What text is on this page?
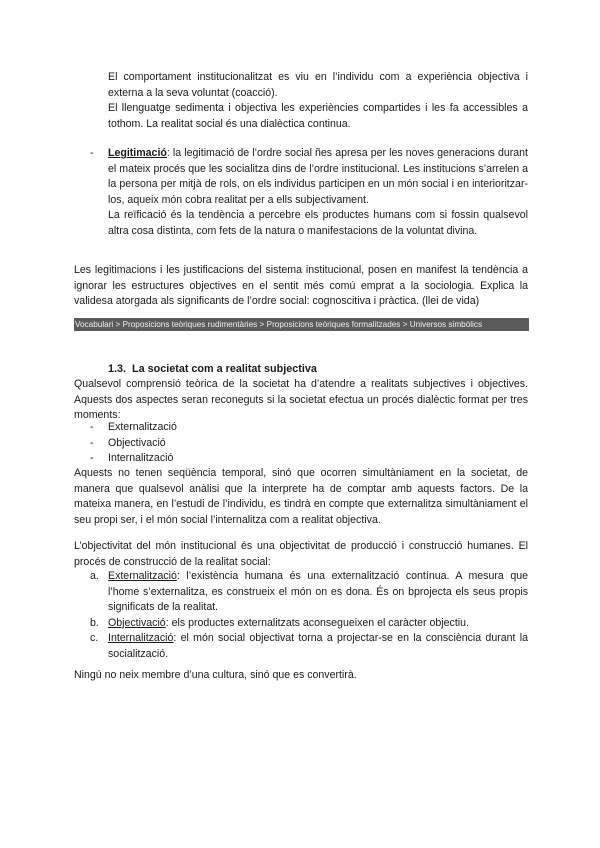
El comportament institucionalitzat es viu en l’individu com a experiència objectiva i externa a la seva voluntat (coacció).

El llenguatge sedimenta i objectiva les experiències compartides i les fa accessibles a tothom. La realitat social és una dialèctica continua.

- Legitimació: la legitimació de l’ordre social ñes apresa per les noves generacions durant el mateix procés que les socialitza dins de l’ordre institucional. Les institucions s’arrelen a la persona per mitjà de rols, on els individus participen en un món social i en interioritzar-los, aqueix món cobra realitat per a ells subjectivament.

La reïficació és la tendència a percebre els productes humans com si fossin qualsevol altra cosa distinta, com fets de la natura o manifestacions de la voluntat divina.

Les legitimacions i les justificacions del sistema institucional, posen en manifest la tendència a ignorar les estructures objectives en el sentit més comú emprat a la sociologia. Explica la validesa atorgada als significants de l’ordre social: cognoscitiva i pràctica. (llei de vida)
Vocabulari > Proposicions teòriques rudimentàries > Proposicions teòriques formalitzades > Universos simbòlics
1.3. La societat com a realitat subjectiva
Qualsevol comprensió teòrica de la societat ha d’atendre a realitats subjectives i objectives. Aquests dos aspectes seran reconeguts si la societat efectua un procés dialèctic format per tres moments:
-	Externalització
-	Objectivació
-	Internalització
Aquests no tenen seqüència temporal, sinó que ocorren simultàniament en la societat, de manera que qualsevol anàlisi que la interprete ha de comptar amb aquests factors. De la mateixa manera, en l’estudi de l’individu, es tindrà en compte que externalitza simultàniament el seu propi ser, i el món social l’internalitza com a realitat objectiva.
L’objectivitat del món institucional és una objectivitat de producció i construcció humanes. El procés de construcció de la realitat social:
a. Externalització: l’existència humana és una externalització contínua. A mesura que l’home s’externalitza, es construeix el món on es dona. És on bprojecta els seus propis significats de la realitat.
b. Objectivació: els productes externalitzats aconsegueixen el caràcter objectiu.
c. Internalització: el món social objectivat torna a projectar-se en la consciència durant la socialització.
Ningú no neix membre d’una cultura, sinó que es convertirà.
